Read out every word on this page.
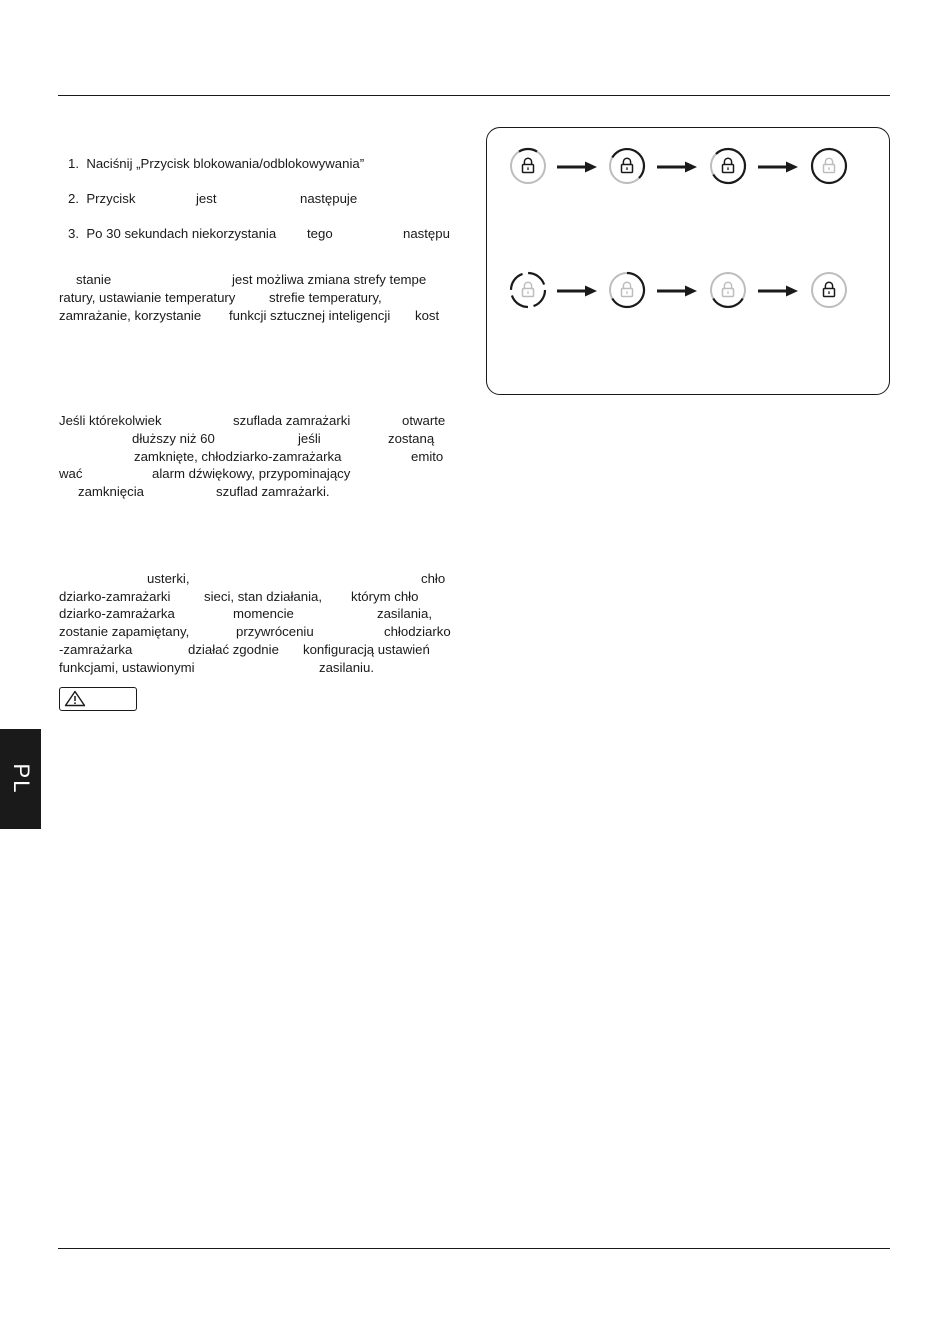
1. Naciśnij „Przycisk blokowania/odblokowywania”
2. Przycisk	jest	następuje
3. Po 30 sekundach niekorzystania tego	następu
stanie	jest możliwa zmiana strefy tempe
ratury, ustawianie temperatury	strefie temperatury,
zamrażanie, korzystanie funkcji sztucznej inteligencji kost
Jeśli którekolwiek	szuflada zamrażarki	otwarte
dłuższy niż 60	jeśli	zostaną
zamknięte, chłodziarko-zamrażarka	emito
wać	alarm dźwiękowy, przypominający
zamknięcia	szuflad zamrażarki.
usterki,	chło
dziarko-zamrażarki	sieci, stan działania, którym chło
dziarko-zamrażarka	momencie	zasilania,
zostanie zapamiętany,	przywróceniu	chłodziarko
-zamrażarka	działać zgodnie konfiguracją ustawień
funkcjami, ustawionymi	zasilaniu.
PL
